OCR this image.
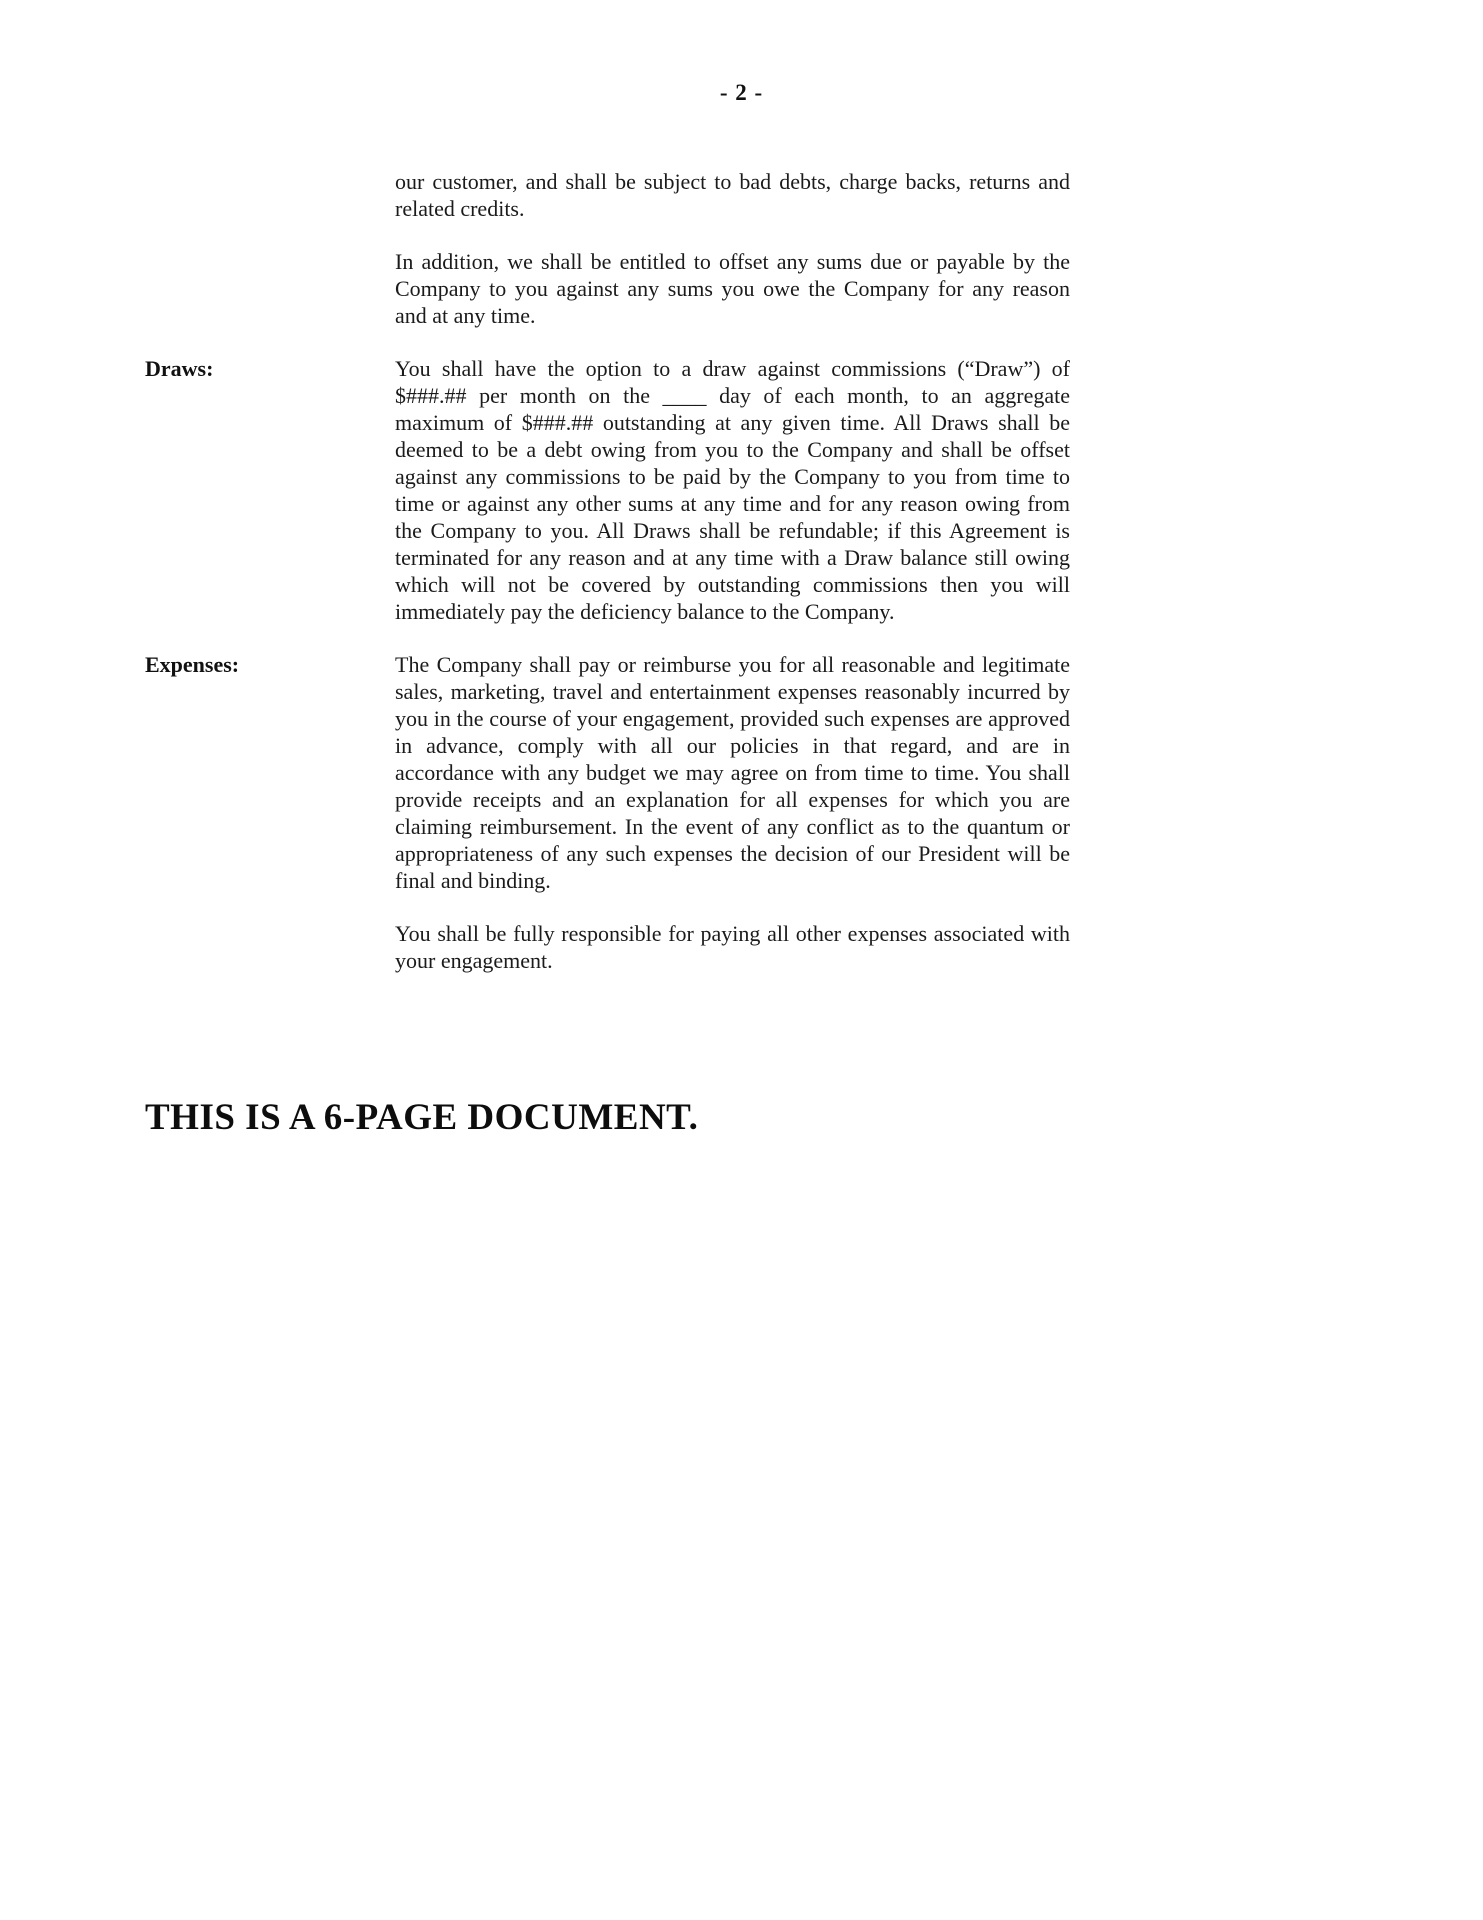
- 2 -
our customer, and shall be subject to bad debts, charge backs, returns and related credits.
In addition, we shall be entitled to offset any sums due or payable by the Company to you against any sums you owe the Company for any reason and at any time.
Draws:	You shall have the option to a draw against commissions (“Draw”) of $###.## per month on the ____ day of each month, to an aggregate maximum of $###.## outstanding at any given time. All Draws shall be deemed to be a debt owing from you to the Company and shall be offset against any commissions to be paid by the Company to you from time to time or against any other sums at any time and for any reason owing from the Company to you. All Draws shall be refundable; if this Agreement is terminated for any reason and at any time with a Draw balance still owing which will not be covered by outstanding commissions then you will immediately pay the deficiency balance to the Company.
Expenses:	The Company shall pay or reimburse you for all reasonable and legitimate sales, marketing, travel and entertainment expenses reasonably incurred by you in the course of your engagement, provided such expenses are approved in advance, comply with all our policies in that regard, and are in accordance with any budget we may agree on from time to time. You shall provide receipts and an explanation for all expenses for which you are claiming reimbursement. In the event of any conflict as to the quantum or appropriateness of any such expenses the decision of our President will be final and binding.
You shall be fully responsible for paying all other expenses associated with your engagement.
THIS IS A 6-PAGE DOCUMENT.
